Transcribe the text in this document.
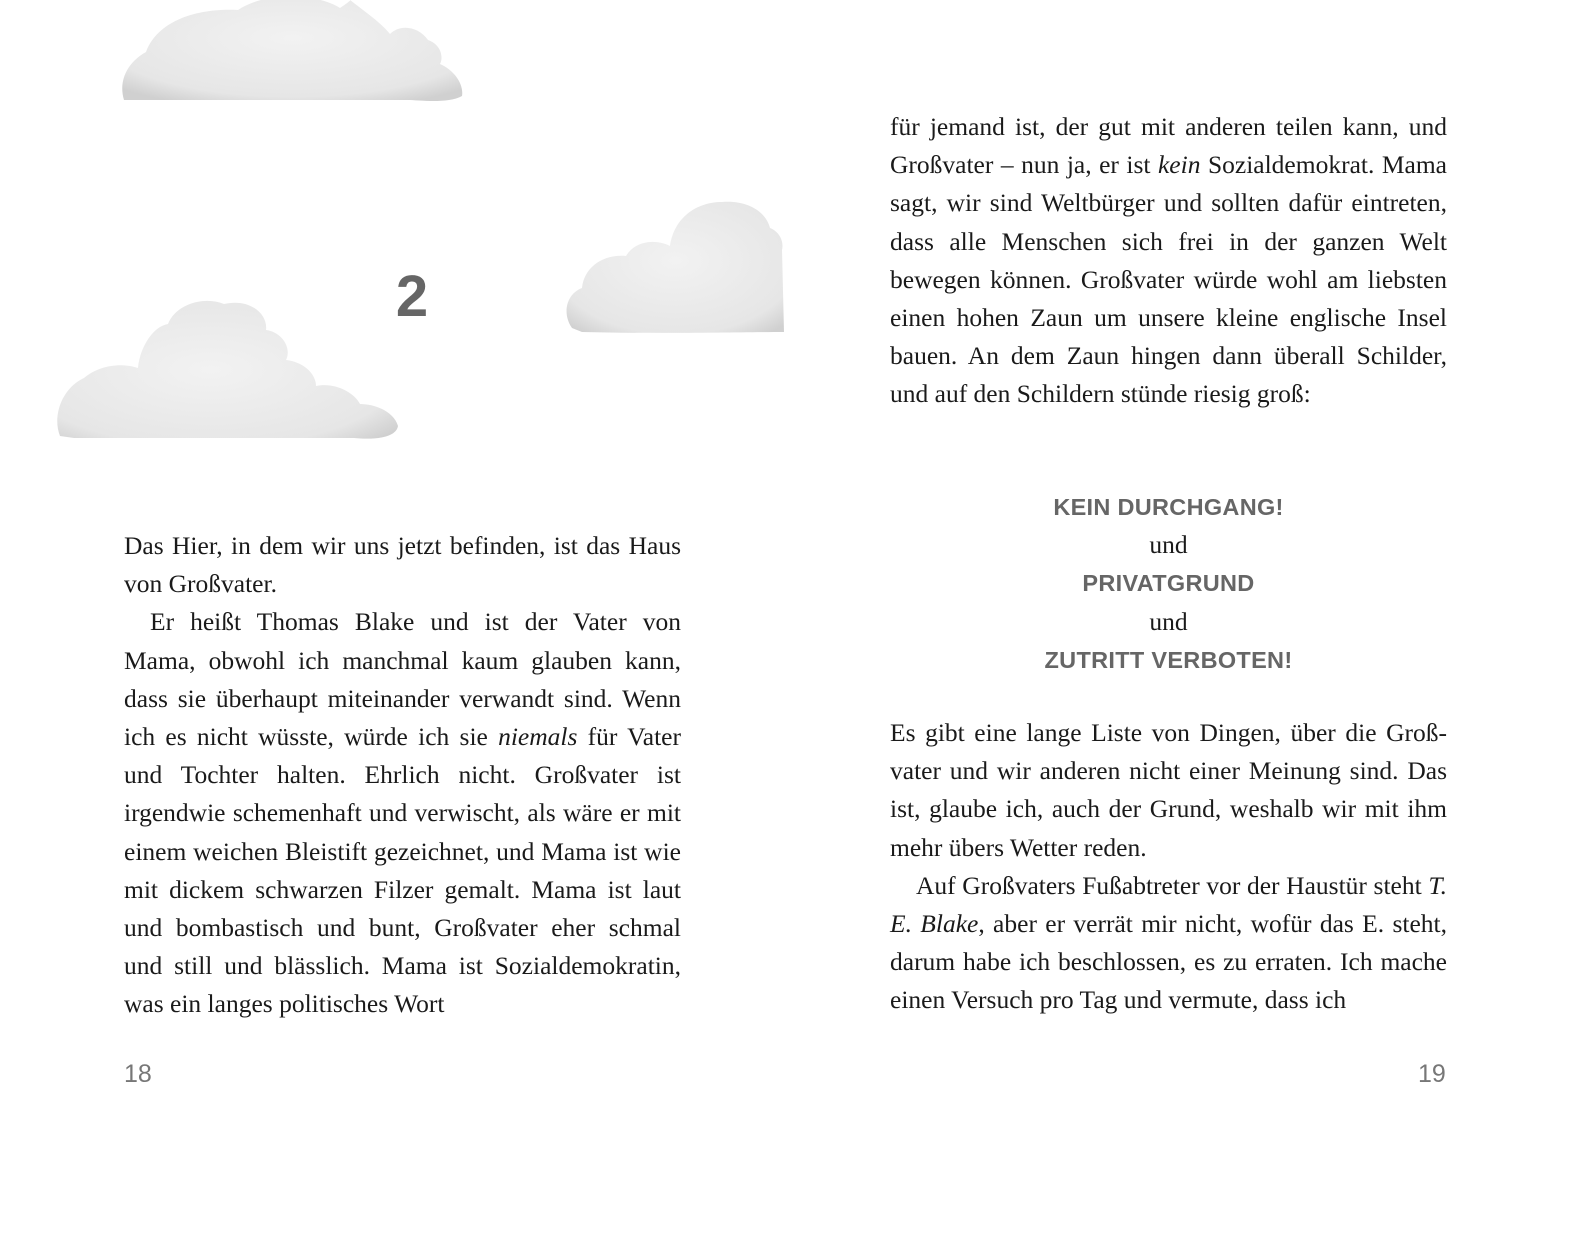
2

Das Hier, in dem wir uns jetzt befinden, ist das Haus von Großvater.

Er heißt Thomas Blake und ist der Vater von Mama, obwohl ich manchmal kaum glauben kann, dass sie überhaupt miteinander verwandt sind. Wenn ich es nicht wüsste, würde ich sie niemals für Vater und Tochter halten. Ehrlich nicht. Großvater ist irgendwie schemenhaft und verwischt, als wäre er mit einem weichen Bleistift gezeichnet, und Mama ist wie mit dickem schwarzen Filzer gemalt. Mama ist laut und bombastisch und bunt, Großvater eher schmal und still und blässlich. Mama ist Sozialdemokratin, was ein langes politisches Wort

18

für jemand ist, der gut mit anderen teilen kann, und Großvater – nun ja, er ist kein Sozialdemokrat. Mama sagt, wir sind Weltbürger und sollten dafür eintreten, dass alle Menschen sich frei in der ganzen Welt bewegen können. Großvater würde wohl am liebsten einen hohen Zaun um unsere kleine englische Insel bauen. An dem Zaun hingen dann überall Schilder, und auf den Schildern stünde riesig groß:

KEIN DURCHGANG!
und
PRIVATGRUND
und
ZUTRITT VERBOTEN!

Es gibt eine lange Liste von Dingen, über die Großvater und wir anderen nicht einer Meinung sind. Das ist, glaube ich, auch der Grund, weshalb wir mit ihm mehr übers Wetter reden.

Auf Großvaters Fußabtreter vor der Haustür steht T. E. Blake, aber er verrät mir nicht, wofür das E. steht, darum habe ich beschlossen, es zu erraten. Ich mache einen Versuch pro Tag und vermute, dass ich

19
